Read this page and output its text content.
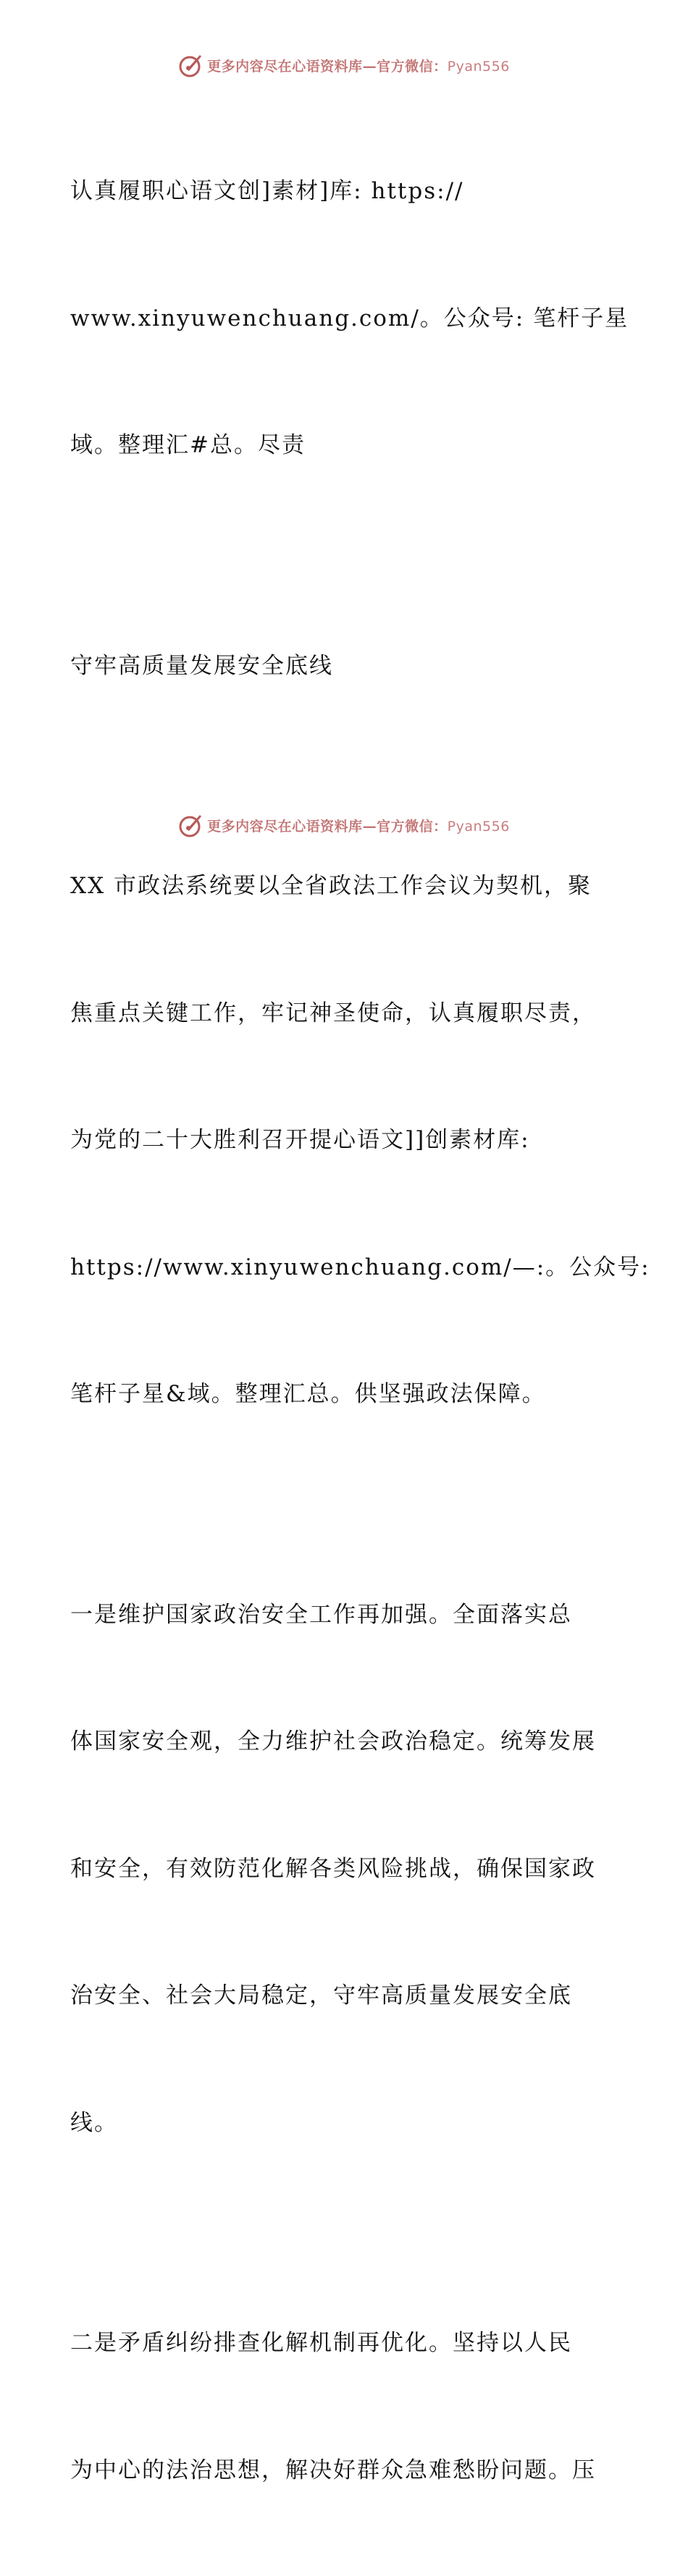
更多内容尽在心语资料库—官方微信：Pyan556

认真履职心语文创]素材]库: https://

www.xinyuwenchuang.com/。公众号: 笔杆子星

域。整理汇#总。尽责

守牢高质量发展安全底线

XX 市政法系统要以全省政法工作会议为契机，聚

焦重点关键工作，牢记神圣使命，认真履职尽责，

为党的二十大胜利召开提心语文]]创素材库:

https://www.xinyuwenchuang.com/—:。公众号:

笔杆子星&域。整理汇总。供坚强政法保障。

一是维护国家政治安全工作再加强。全面落实总

体国家安全观，全力维护社会政治稳定。统筹发展

和安全，有效防范化解各类风险挑战，确保国家政

治安全、社会大局稳定，守牢高质量发展安全底

线。

二是矛盾纠纷排查化解机制再优化。坚持以人民

为中心的法治思想，解决好群众急难愁盼问题。压

更多内容尽在心语资料库—官方微信：Pyan556
